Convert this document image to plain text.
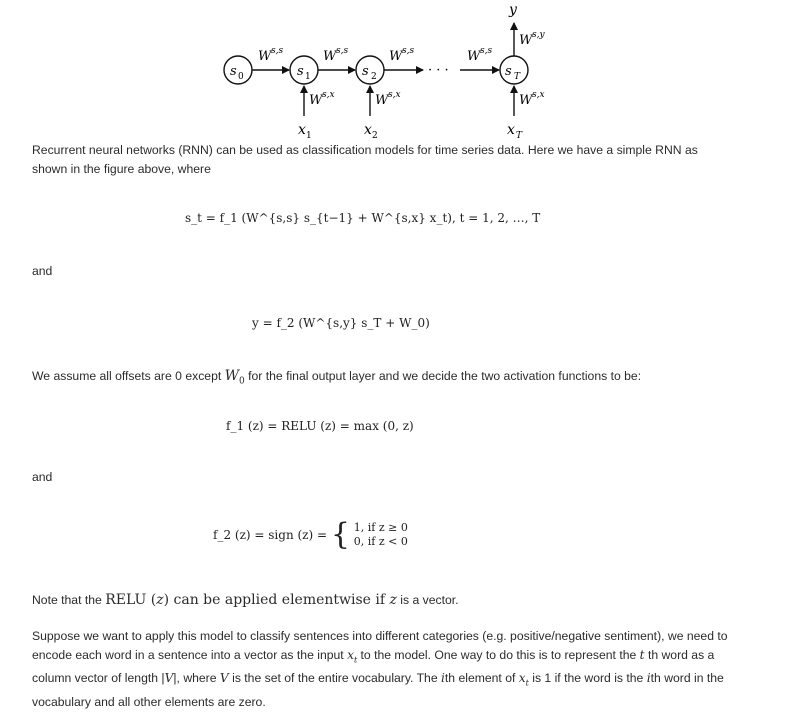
s 0	s 1	s 2	s T
· · ·
W s,s	W s,s	W s,s	W s,s
W s,x	W s,x	W s,x
x 1	x 2	x T
W s,y
y
Recurrent neural networks (RNN) can be used as classification models for time series data. Here we have a simple RNN as shown in the figure above, where
s_t = f_1 (W^{s,s} s_{t−1} + W^{s,x} x_t), t = 1, 2, …, T
and
y = f_2 (W^{s,y} s_T + W_0)
We assume all offsets are 0 except $W_0$ for the final output layer and we decide the two activation functions to be:
f_1 (z) = RELU (z) = max (0, z)
and
f_2 (z) = sign (z) = { 1, if z ≥ 0
0, if z < 0
Note that the RELU (z) can be applied elementwise if z is a vector.
Suppose we want to apply this model to classify sentences into different categories (e.g. positive/negative sentiment), we need to encode each word in a sentence into a vector as the input $x_t$ to the model. One way to do this is to represent the t th word as a column vector of length |V|, where V is the set of the entire vocabulary. The ith element of $x_t$ is 1 if the word is the ith word in the vocabulary and all other elements are zero.
